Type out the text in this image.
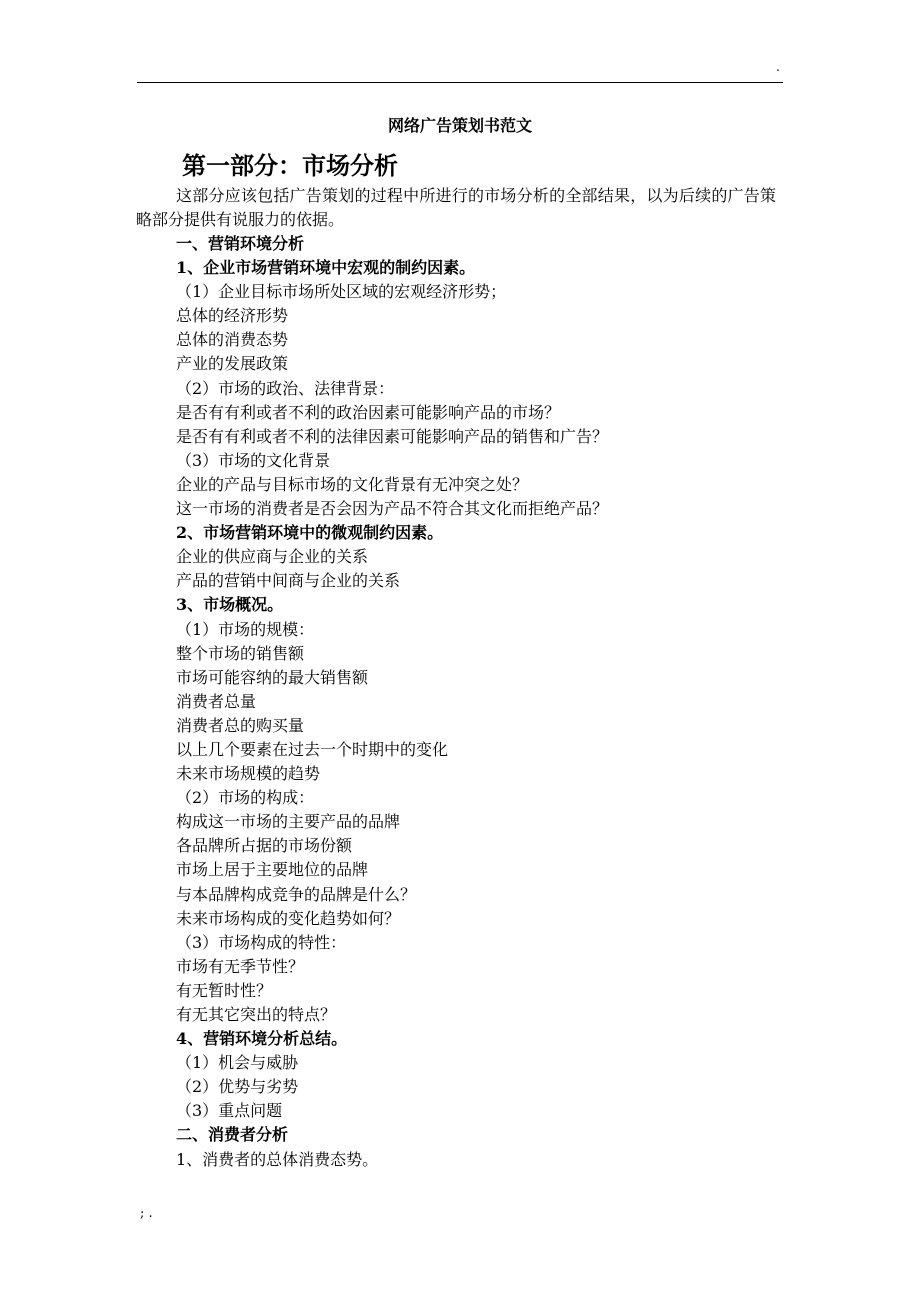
.
网络广告策划书范文
第一部分：市场分析

这部分应该包括广告策划的过程中所进行的市场分析的全部结果，以为后续的广告策略部分提供有说服力的依据。

一、营销环境分析
1、企业市场营销环境中宏观的制约因素。
（1）企业目标市场所处区域的宏观经济形势；
总体的经济形势
总体的消费态势
产业的发展政策
（2）市场的政治、法律背景：
是否有有利或者不利的政治因素可能影响产品的市场？
是否有有利或者不利的法律因素可能影响产品的销售和广告？
（3）市场的文化背景
企业的产品与目标市场的文化背景有无冲突之处？
这一市场的消费者是否会因为产品不符合其文化而拒绝产品？
2、市场营销环境中的微观制约因素。
企业的供应商与企业的关系
产品的营销中间商与企业的关系
3、市场概况。
（1）市场的规模：
整个市场的销售额
市场可能容纳的最大销售额
消费者总量
消费者总的购买量
以上几个要素在过去一个时期中的变化
未来市场规模的趋势
（2）市场的构成：
构成这一市场的主要产品的品牌
各品牌所占据的市场份额
市场上居于主要地位的品牌
与本品牌构成竞争的品牌是什么？
未来市场构成的变化趋势如何？
（3）市场构成的特性：
市场有无季节性？
有无暂时性？
有无其它突出的特点？
4、营销环境分析总结。
（1）机会与威胁
（2）优势与劣势
（3）重点问题
二、消费者分析
1、消费者的总体消费态势。
; .
